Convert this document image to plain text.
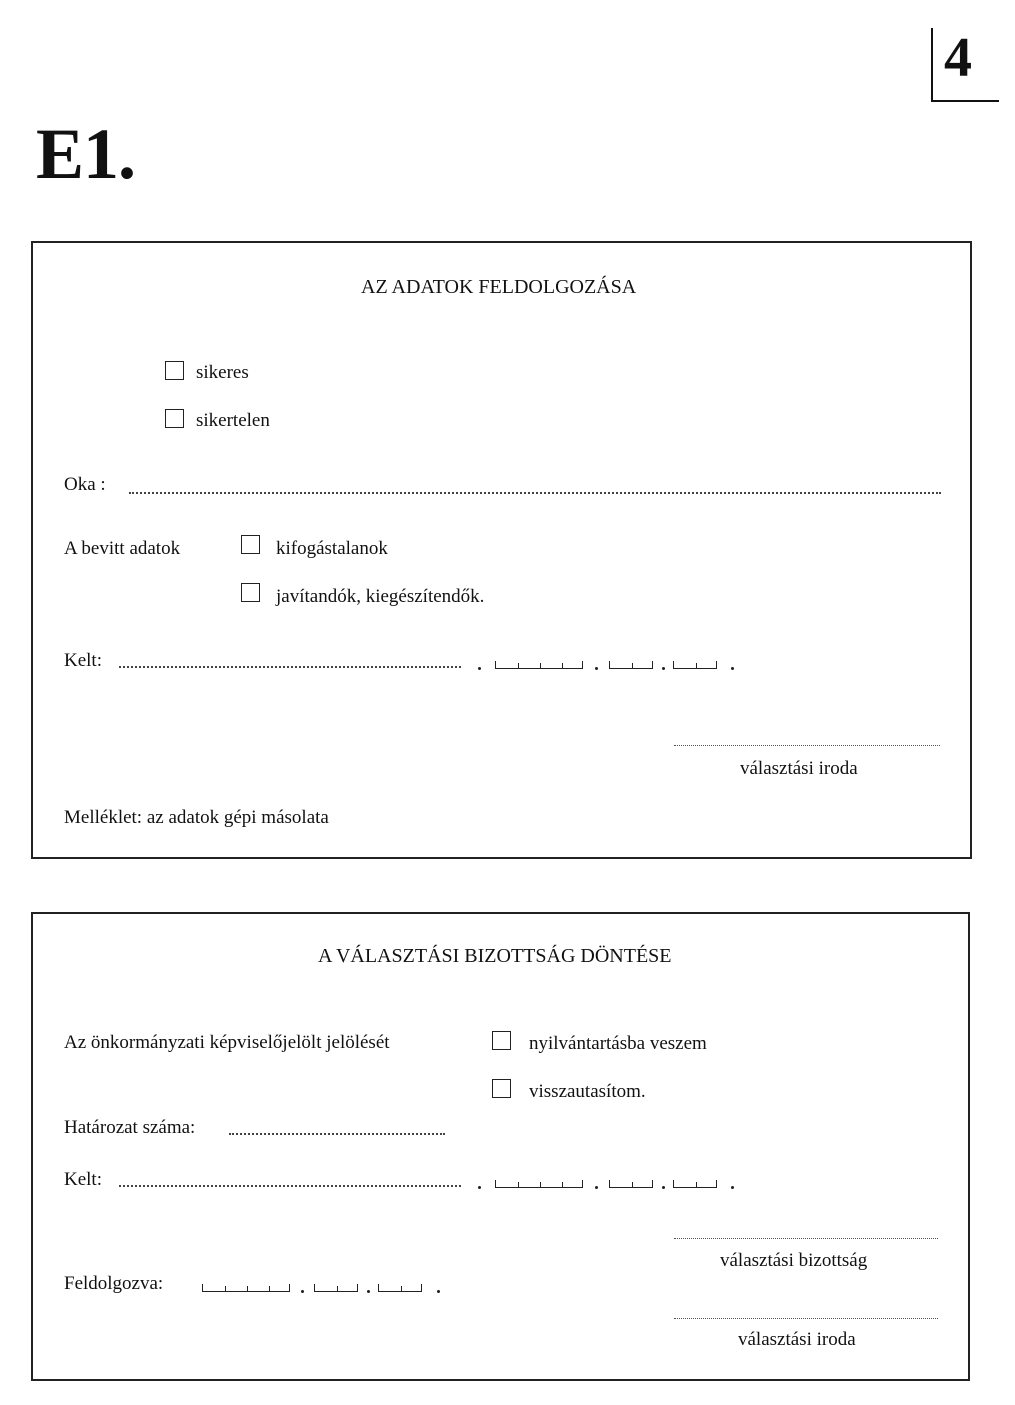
E1.
4
AZ ADATOK FELDOLGOZÁSA
sikeres
sikertelen
Oka :
A bevitt adatok	kifogástalanok
javítandók, kiegészítendők.
Kelt:
választási iroda
Melléklet: az adatok gépi másolata
A VÁLASZTÁSI BIZOTTSÁG DÖNTÉSE
Az önkormányzati képviselőjelölt jelölését	nyilvántartásba veszem
visszautasítom.
Határozat száma:
Kelt:
választási bizottság
Feldolgozva:
választási iroda
